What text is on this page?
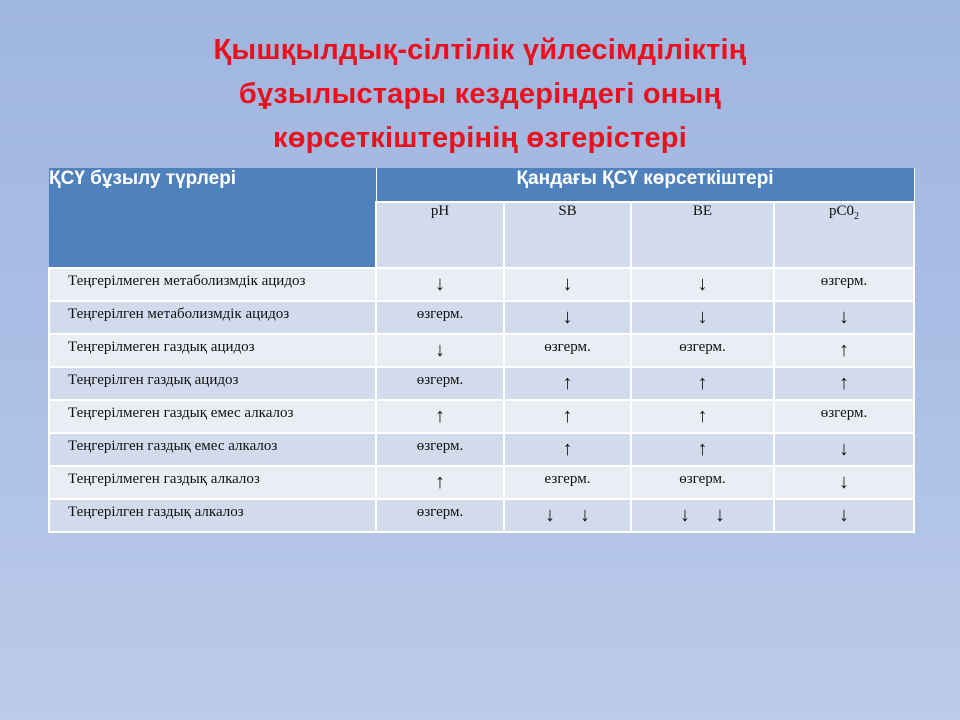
Қышқылдық-сілтілік үйлесімділіктің
бұзылыстары кездеріндегі оның
көрсеткіштерінің өзгерістері
ҚСҮ бұзылу түрлері	Қандағы ҚСҮ көрсеткіштері			
	pH	SB	BE	$pC0_2$
Теңгерілмеген метаболизмдік ацидоз	↓	↓	↓	өзгерм.
Теңгерілген метаболизмдік ацидоз	өзгерм.	↓	↓	↓
Теңгерілмеген газдық ацидоз	↓	өзгерм.	өзгерм.	↑
Теңгерілген газдық ацидоз	өзгерм.	↑	↑	↑
Теңгерілмеген газдық емес алкалоз	↑	↑	↑	өзгерм.
Теңгерілген газдық емес алкалоз	өзгерм.	↑	↑	↓
Теңгерілмеген газдық алкалоз	↑	езгерм.	өзгерм.	↓
Теңгерілген газдық алкалоз	өзгерм.	↓ ↓	↓ ↓	↓
